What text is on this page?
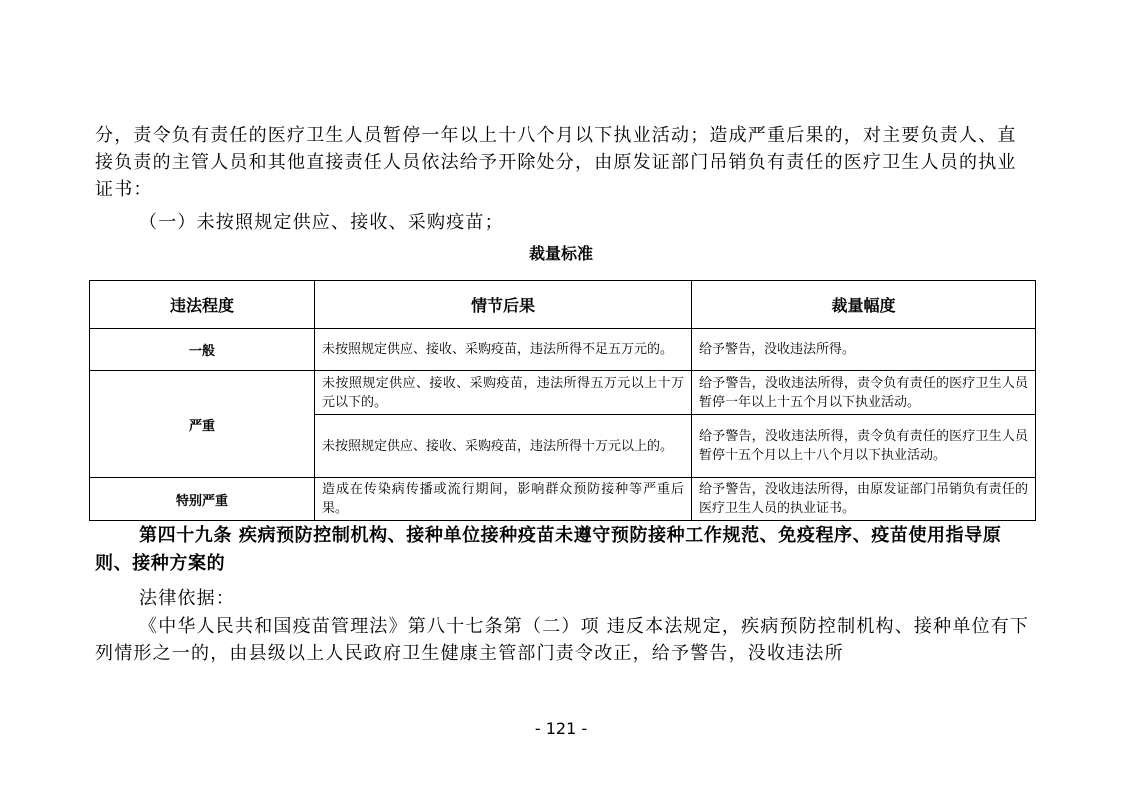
分，责令负有责任的医疗卫生人员暂停一年以上十八个月以下执业活动；造成严重后果的，对主要负责人、直接负责的主管人员和其他直接责任人员依法给予开除处分，由原发证部门吊销负有责任的医疗卫生人员的执业证书：

（一）未按照规定供应、接收、采购疫苗；

裁量标准
违法程度	情节后果	裁量幅度
一般	未按照规定供应、接收、采购疫苗，违法所得不足五万元的。	给予警告，没收违法所得。
严重	未按照规定供应、接收、采购疫苗，违法所得五万元以上十万元以下的。	给予警告，没收违法所得，责令负有责任的医疗卫生人员暂停一年以上十五个月以下执业活动。
	未按照规定供应、接收、采购疫苗，违法所得十万元以上的。	给予警告，没收违法所得，责令负有责任的医疗卫生人员暂停十五个月以上十八个月以下执业活动。
特别严重	造成在传染病传播或流行期间，影响群众预防接种等严重后果。	给予警告，没收违法所得，由原发证部门吊销负有责任的医疗卫生人员的执业证书。

第四十九条 疾病预防控制机构、接种单位接种疫苗未遵守预防接种工作规范、免疫程序、疫苗使用指导原则、接种方案的

法律依据：

《中华人民共和国疫苗管理法》第八十七条第（二）项 违反本法规定，疾病预防控制机构、接种单位有下列情形之一的，由县级以上人民政府卫生健康主管部门责令改正，给予警告，没收违法所

- 121 -
